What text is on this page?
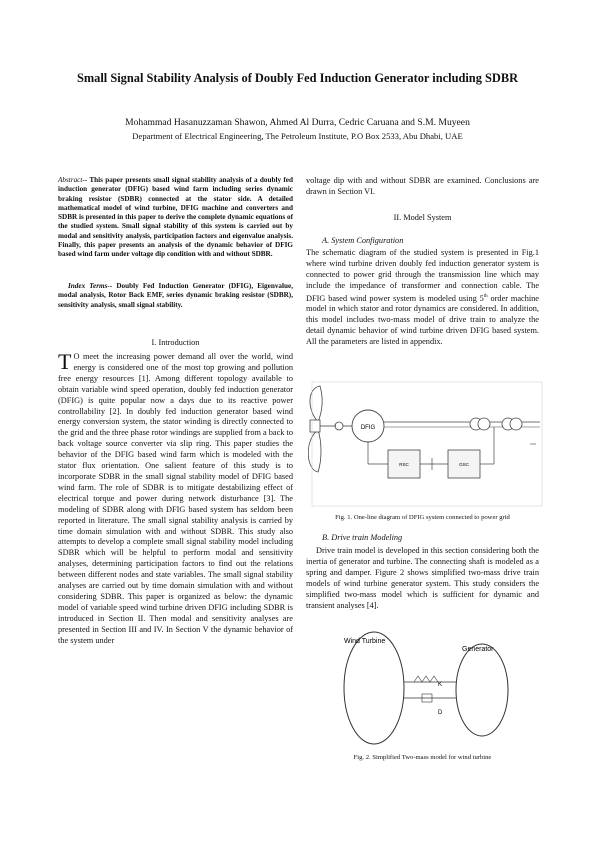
Small Signal Stability Analysis of Doubly Fed Induction Generator including SDBR
Mohammad Hasanuzzaman Shawon, Ahmed Al Durra, Cedric Caruana and S.M. Muyeen
Department of Electrical Engineering, The Petroleum Institute, P.O Box 2533, Abu Dhabi, UAE
Abstract-- This paper presents small signal stability analysis of a doubly fed induction generator (DFIG) based wind farm including series dynamic braking resistor (SDBR) connected at the stator side. A detailed mathematical model of wind turbine, DFIG machine and converters and SDBR is presented in this paper to derive the complete dynamic equations of the studied system. Small signal stability of this system is carried out by modal and sensitivity analysis, participation factors and eigenvalue analysis. Finally, this paper presents an analysis of the dynamic behavior of DFIG based wind farm under voltage dip condition with and without SDBR.
Index Terms-- Doubly Fed Induction Generator (DFIG), Eigenvalue, modal analysis, Rotor Back EMF, series dynamic braking resistor (SDBR), sensitivity analysis, small signal stability.
I. Introduction
T O meet the increasing power demand all over the world, wind energy is considered one of the most top growing and pollution free energy resources [1]. Among different topology available to obtain variable wind speed operation, doubly fed induction generator (DFIG) is quite popular now a days due to its reactive power controllability [2]. In doubly fed induction generator based wind energy conversion system, the stator winding is directly connected to the grid and the three phase rotor windings are supplied from a back to back voltage source converter via slip ring. This paper studies the behavior of the DFIG based wind farm which is modeled with the stator flux orientation. One salient feature of this study is to incorporate SDBR in the small signal stability model of DFIG based wind farm. The role of SDBR is to mitigate destabilizing effect of electrical torque and power during network disturbance [3]. The modeling of SDBR along with DFIG based system has seldom been reported in literature. The small signal stability analysis is carried by time domain simulation with and without SDBR. This study also attempts to develop a complete small signal stability model including SDBR which will be helpful to perform modal and sensitivity analyses, determining participation factors to find out the relations between different nodes and state variables. The small signal stability analyses are carried out by time domain simulation with and without considering SDBR. This paper is organized as below: the dynamic model of variable speed wind turbine driven DFIG including SDBR is introduced in Section II. Then modal and sensitivity analyses are presented in Section III and IV. In Section V the dynamic behavior of the system under
voltage dip with and without SDBR are examined. Conclusions are drawn in Section VI.
II. Model System
A. System Configuration
The schematic diagram of the studied system is presented in Fig.1 where wind turbine driven doubly fed induction generator system is connected to power grid through the transmission line which may include the impedance of transformer and connection cable. The DFIG based wind power system is modeled using 5th order machine model in which stator and rotor dynamics are considered. In addition, this model includes two-mass model of drive train to analyze the detail dynamic behavior of wind turbine driven DFIG based system. All the parameters are listed in appendix.
DFIG
RSC	GSC
Fig. 1. One-line diagram of DFIG system connected to power grid
B. Drive train Modeling
Drive train model is developed in this section considering both the inertia of generator and turbine. The connecting shaft is modeled as a spring and damper. Figure 2 shows simplified two-mass drive train models of wind turbine generator system. This study considers the simplified two-mass model which is sufficient for dynamic and transient analyses [4].
Wind Turbine
Generator
K
D
Fig. 2. Simplified Two-mass model for wind turbine
